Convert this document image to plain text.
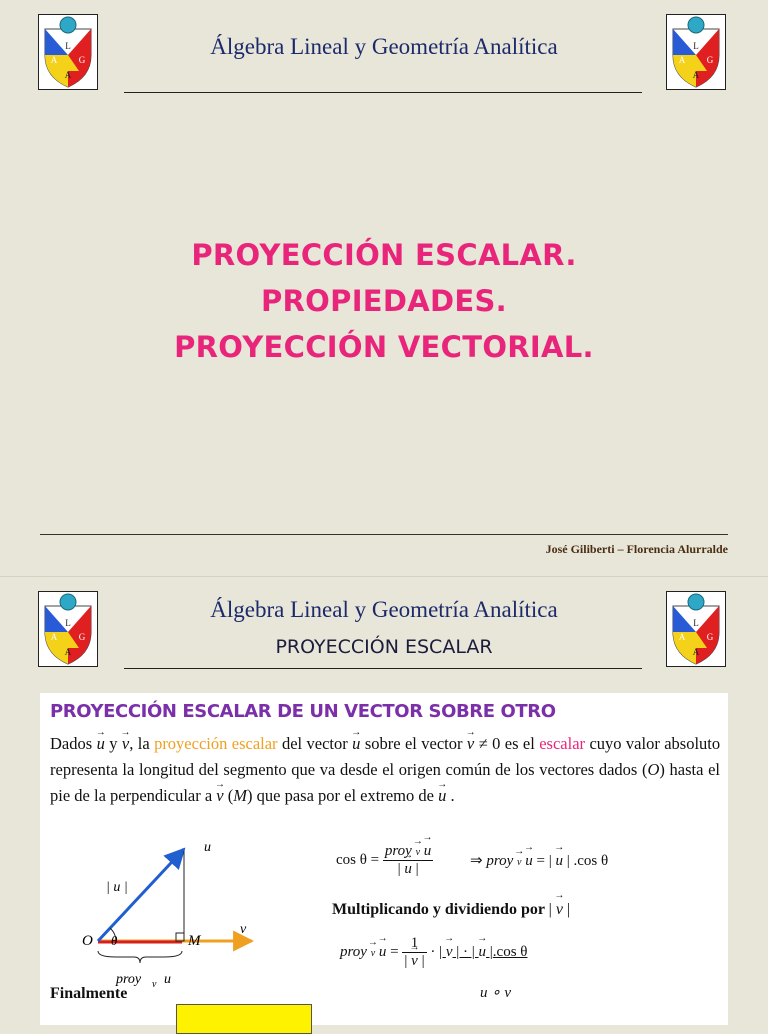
L
A G
A
L
A G
A
Álgebra Lineal y Geometría Analítica
PROYECCIÓN ESCALAR.
PROPIEDADES.
PROYECCIÓN VECTORIAL.
José Giliberti – Florencia Alurralde
L
A G
A
L
A G
A
Álgebra Lineal y Geometría Analítica
PROYECCIÓN ESCALAR
PROYECCIÓN ESCALAR DE UN VECTOR SOBRE OTRO
Dados → u y → v, la proyección escalar del vector → u sobre el vector → v ≠ 0 es el escalar cuyo valor absoluto representa la longitud del segmento que va desde el origen común de los vectores dados (O) hasta el pie de la perpendicular a → v (M) que pasa por el extremo de → u .
O	M
θ
u
v
| u |
proy v u
$\cos \theta = \frac{\text{proy → v → u}}{| \to u |}$ ⇒ proy → v → u = | → u | .cos θ
Multiplicando y dividiendo por | → v |
proy → $v \to u = \frac{1}{| \to v |}$ · | → v | · | → u |.cos θ
u ∘ v
Finalmente
